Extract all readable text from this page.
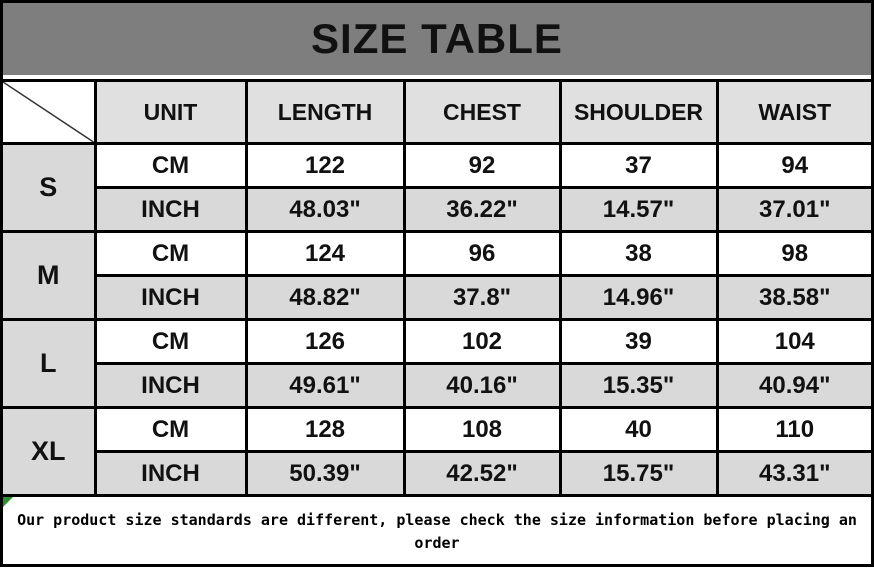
SIZE TABLE
	UNIT	LENGTH	CHEST	SHOULDER	WAIST
S	CM	122	92	37	94
	INCH	48.03"	36.22"	14.57"	37.01"
M	CM	124	96	38	98
	INCH	48.82"	37.8"	14.96"	38.58"
L	CM	126	102	39	104
	INCH	49.61"	40.16"	15.35"	40.94"
XL	CM	128	108	40	110
	INCH	50.39"	42.52"	15.75"	43.31"
Our product size standards are different, please check the size information before placing an order
